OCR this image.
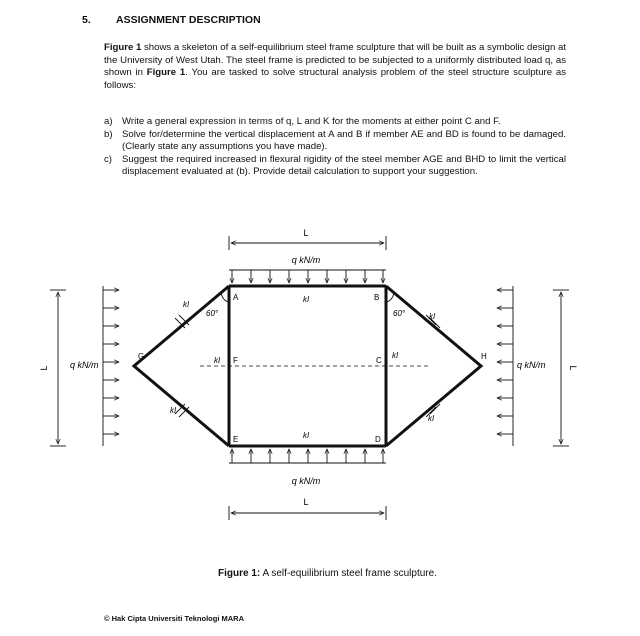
5. ASSIGNMENT DESCRIPTION

Figure 1 shows a skeleton of a self-equilibrium steel frame sculpture that will be built as a symbolic design at the University of West Utah. The steel frame is predicted to be subjected to a uniformly distributed load q, as shown in Figure 1. You are tasked to solve structural analysis problem of the steel structure sculpture as follows:

a) Write a general expression in terms of q, L and K for the moments at either point C and F.
b) Solve for/determine the vertical displacement at A and B if member AE and BD is found to be damaged. (Clearly state any assumptions you have made).
c)	Suggest the required increased in flexural rigidity of the steel member AGE and BHD to limit the vertical displacement evaluated at (b). Provide detail calculation to support your suggestion.
L
L
L	L
q kN/m
q kN/m
q kN/m	q kN/m
A	B
C
D
E
F
G	H
kI
kI
kI
kI
kI
kI
kI
kI
60°	60°
Figure 1: A self-equilibrium steel frame sculpture.
© Hak Cipta Universiti Teknologi MARA
